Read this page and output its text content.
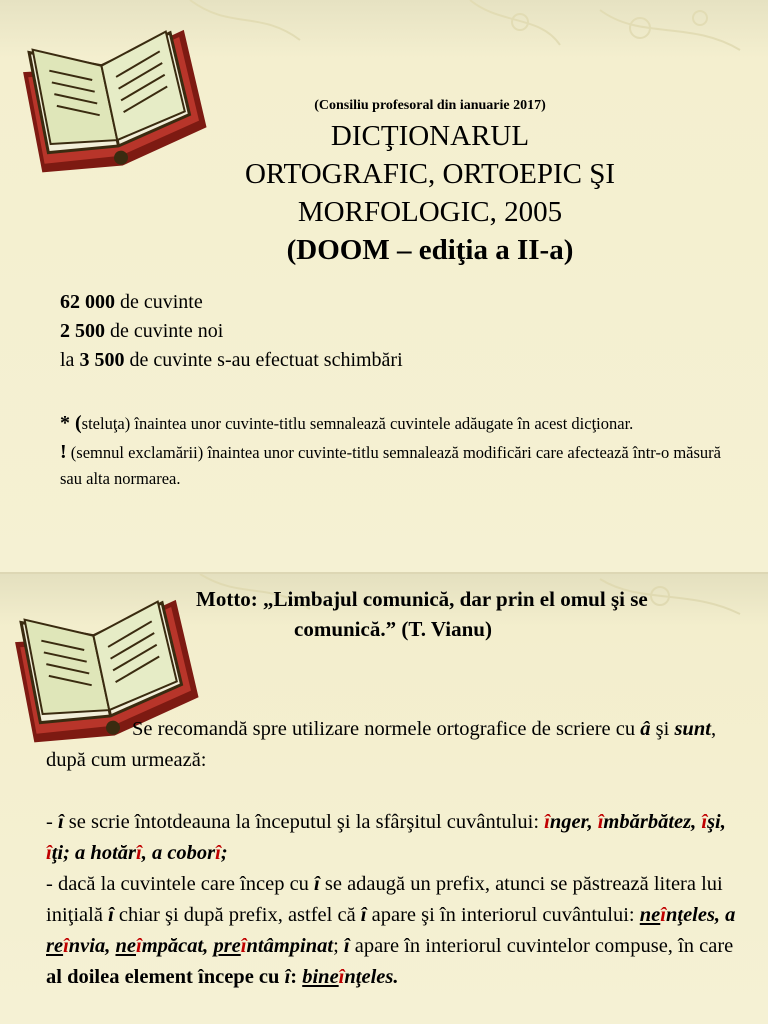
(Consiliu profesoral din ianuarie 2017)
DICŢIONARUL
ORTOGRAFIC, ORTOEPIC ŞI
MORFOLOGIC, 2005
(DOOM – ediţia a II-a)
62 000 de cuvinte
2 500 de cuvinte noi
la 3 500 de cuvinte s-au efectuat schimbări
* (steluţa) înaintea unor cuvinte-titlu semnalează cuvintele adăugate în acest dicţionar.
! (semnul exclamării) înaintea unor cuvinte-titlu semnalează modificări care afectează într-o măsură sau alta normarea.
Motto: „Limbajul comunică, dar prin el omul şi se
comunică.” (T. Vianu)
Se recomandă spre utilizare normele ortografice de scriere cu â şi sunt, după cum urmează:
- î se scrie întotdeauna la începutul şi la sfârşitul cuvântului: înger, îmbărbătez, îşi, îţi; a hotărî, a coborî;
- dacă la cuvintele care încep cu î se adaugă un prefix, atunci se păstrează litera lui iniţială î chiar şi după prefix, astfel că î apare şi în interiorul cuvântului: neînţeles, a reînvia, neîmpăcat, preîntâmpinat; î apare în interiorul cuvintelor compuse, în care al doilea element începe cu î: bineînţeles.
